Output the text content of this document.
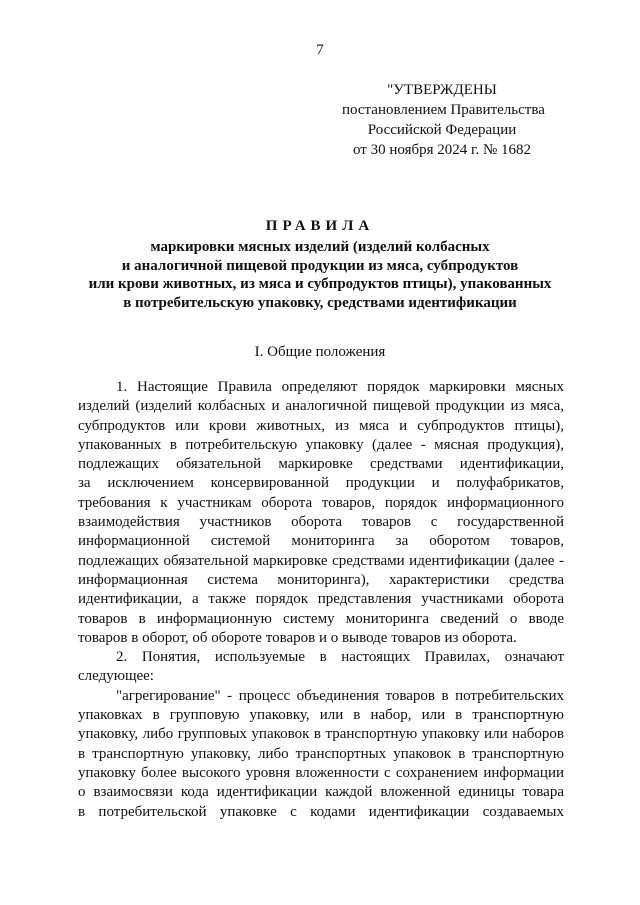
7
"УТВЕРЖДЕНЫ
постановлением Правительства
Российской Федерации
от 30 ноября 2024 г. № 1682
ПРАВИЛА
маркировки мясных изделий (изделий колбасных
и аналогичной пищевой продукции из мяса, субпродуктов
или крови животных, из мяса и субпродуктов птицы), упакованных
в потребительскую упаковку, средствами идентификации
I. Общие положения
1. Настоящие Правила определяют порядок маркировки мясных
изделий (изделий колбасных и аналогичной пищевой продукции из мяса,
субпродуктов или крови животных, из мяса и субпродуктов птицы),
упакованных в потребительскую упаковку (далее - мясная продукция),
подлежащих обязательной маркировке средствами идентификации,
за исключением консервированной продукции и полуфабрикатов,
требования к участникам оборота товаров, порядок информационного
взаимодействия участников оборота товаров с государственной
информационной системой мониторинга за оборотом товаров,
подлежащих обязательной маркировке средствами идентификации (далее -
информационная система мониторинга), характеристики средства
идентификации, а также порядок представления участниками оборота
товаров в информационную систему мониторинга сведений о вводе
товаров в оборот, об обороте товаров и о выводе товаров из оборота.
2. Понятия, используемые в настоящих Правилах, означают
следующее:
"агрегирование" - процесс объединения товаров в потребительских
упаковках в групповую упаковку, или в набор, или в транспортную
упаковку, либо групповых упаковок в транспортную упаковку или наборов
в транспортную упаковку, либо транспортных упаковок в транспортную
упаковку более высокого уровня вложенности с сохранением информации
о взаимосвязи кода идентификации каждой вложенной единицы товара
в потребительской упаковке с кодами идентификации создаваемых
